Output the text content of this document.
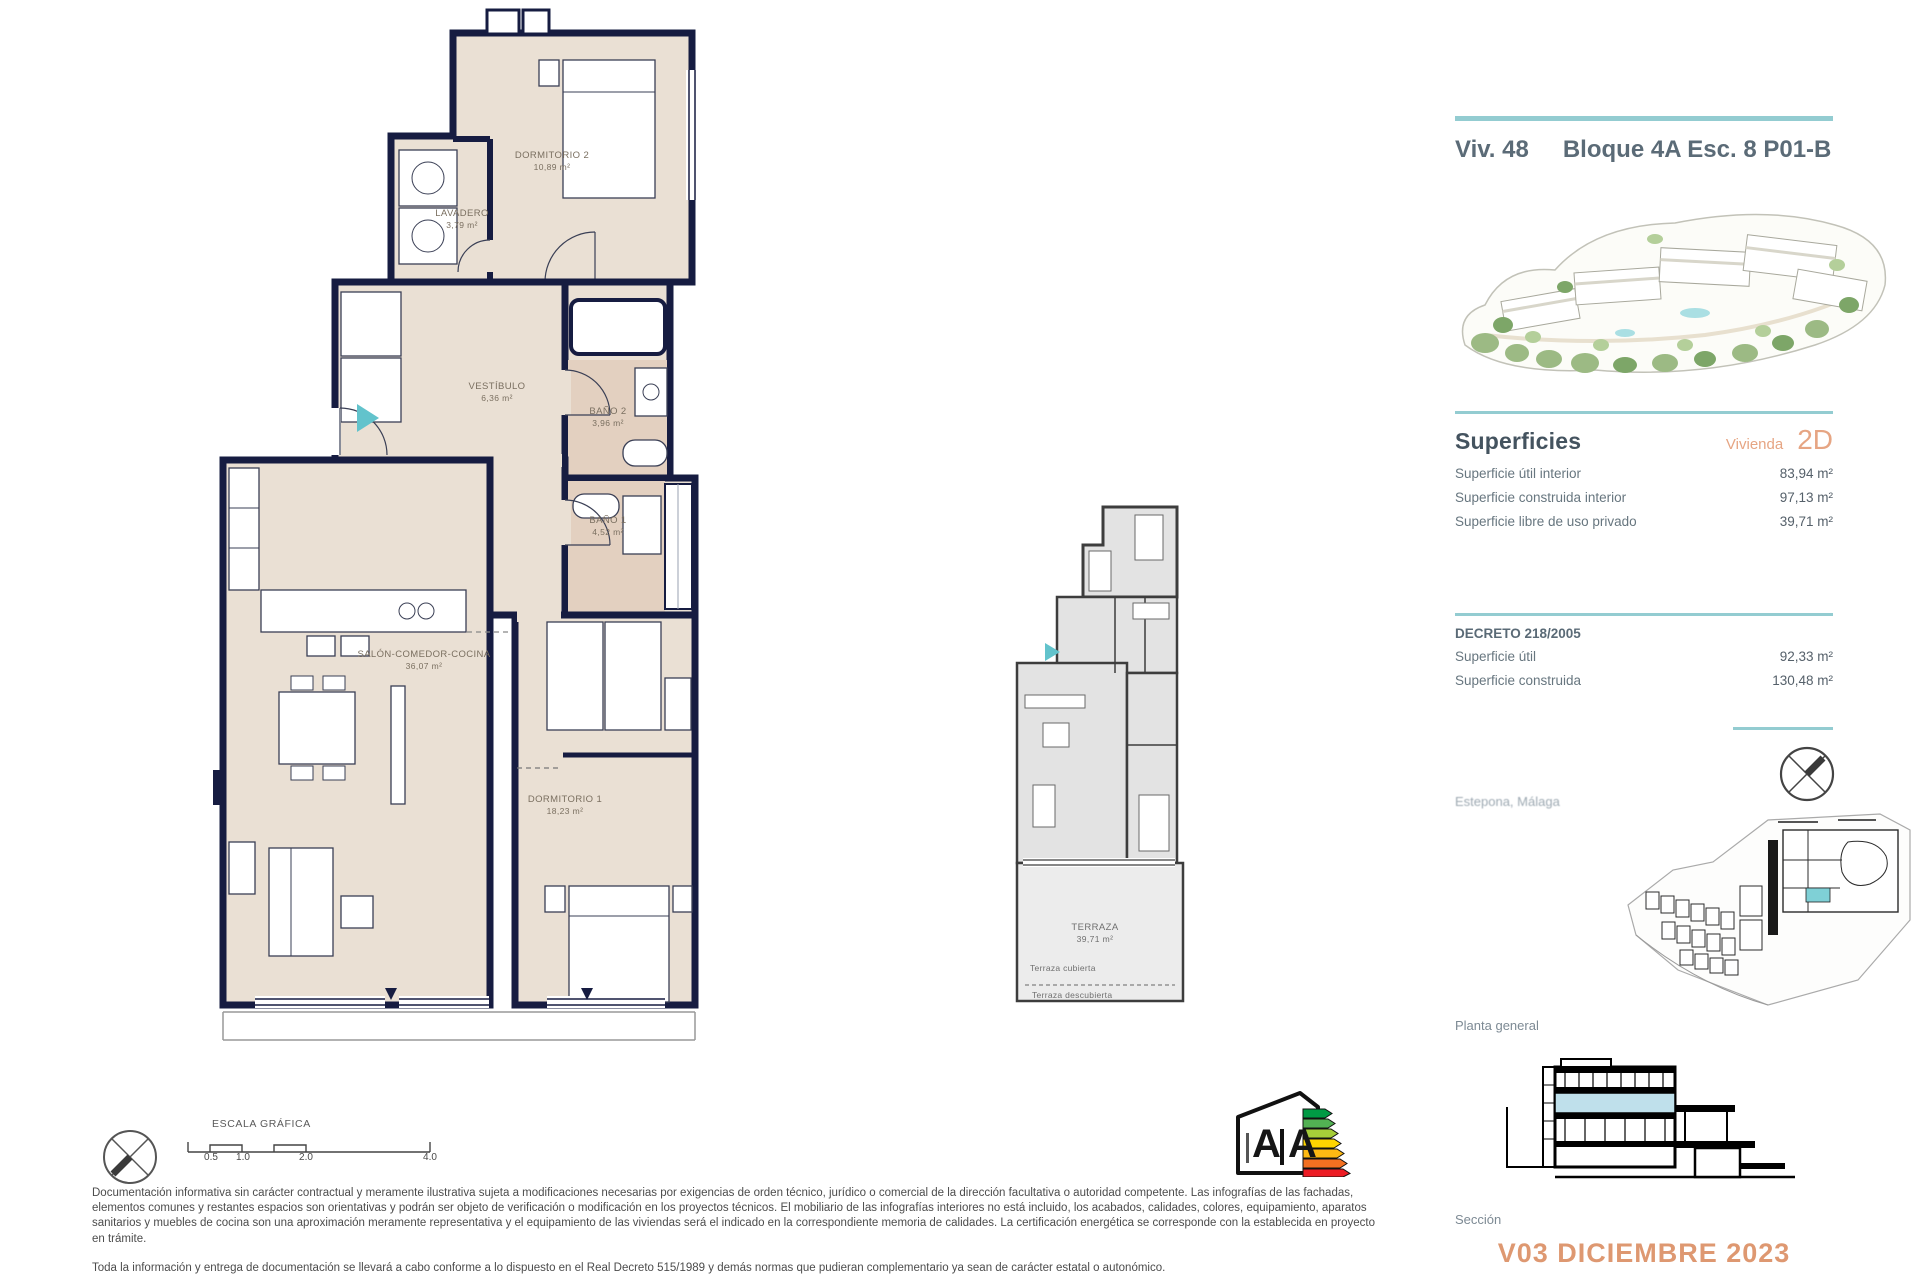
DORMITORIO 2
10,89 m²
LAVADERO
3,79 m²
VESTÍBULO
6,36 m²
BAÑO 2
3,96 m²
BAÑO 1
4,52 m²
SALÓN-COMEDOR-COCINA
36,07 m²
DORMITORIO 1
18,23 m²
TERRAZA
39,71 m²
Terraza cubierta
Terraza descubierta
Viv. 48 Bloque 4A Esc. 8 P01-B
Superficies	Vivienda 2D
Superficie útil interior	83,94 m²
Superficie construida interior	97,13 m²
Superficie libre de uso privado	39,71 m²
DECRETO 218/2005
Superficie útil	92,33 m²
Superficie construida	130,48 m²
Estepona, Málaga
Planta general
Sección
V03 DICIEMBRE 2023
ESCALA GRÁFICA
0.5	1.0	2.0	4.0	A A

Documentación informativa sin carácter contractual y meramente ilustrativa sujeta a modificaciones necesarias por exigencias de orden técnico, jurídico o comercial de la dirección facultativa o autoridad competente. Las infografías de las fachadas, elementos comunes y restantes espacios son orientativas y podrán ser objeto de verificación o modificación en los proyectos técnicos. El mobiliario de las infografías interiores no está incluido, los acabados, calidades, colores, equipamiento, aparatos sanitarios y muebles de cocina son una aproximación meramente representativa y el equipamiento de las viviendas será el indicado en la correspondiente memoria de calidades. La certificación energética se corresponde con la establecida en proyecto en trámite.

Toda la información y entrega de documentación se llevará a cabo conforme a lo dispuesto en el Real Decreto 515/1989 y demás normas que pudieran complementario ya sean de carácter estatal o autonómico.
